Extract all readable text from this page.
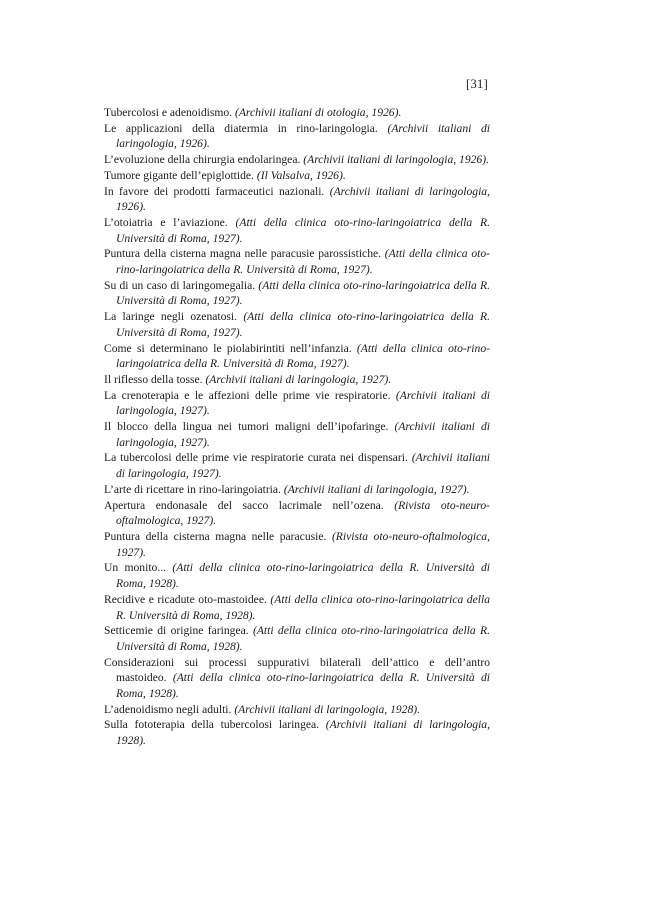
[31]
Tubercolosi e adenoidismo. (Archivii italiani di otologia, 1926).
Le applicazioni della diatermia in rino-laringologia. (Archivii italiani di laringologia, 1926).
L’evoluzione della chirurgia endolaringea. (Archivii italiani di laringologia, 1926).
Tumore gigante dell’epiglottide. (Il Valsalva, 1926).
In favore dei prodotti farmaceutici nazionali. (Archivii italiani di laringologia, 1926).
L’otoiatria e l’aviazione. (Atti della clinica oto-rino-laringoiatrica della R. Università di Roma, 1927).
Puntura della cisterna magna nelle paracusie parossistiche. (Atti della clinica oto-rino-laringoiatrica della R. Università di Roma, 1927).
Su di un caso di laringomegalia. (Atti della clinica oto-rino-laringoiatrica della R. Università di Roma, 1927).
La laringe negli ozenatosi. (Atti della clinica oto-rino-laringoiatrica della R. Università di Roma, 1927).
Come si determinano le piolabirintiti nell’infanzia. (Atti della clinica oto-rino-laringoiatrica della R. Università di Roma, 1927).
Il riflesso della tosse. (Archivii italiani di laringologia, 1927).
La crenoterapia e le affezioni delle prime vie respiratorie. (Archivii italiani di laringologia, 1927).
Il blocco della lingua nei tumori maligni dell’ipofaringe. (Archivii italiani di laringologia, 1927).
La tubercolosi delle prime vie respiratorie curata nei dispensari. (Archivii italiani di laringologia, 1927).
L’arte di ricettare in rino-laringoiatria. (Archivii italiani di laringologia, 1927).
Apertura endonasale del sacco lacrimale nell’ozena. (Rivista oto-neuro-oftalmologica, 1927).
Puntura della cisterna magna nelle paracusie. (Rivista oto-neuro-oftalmologica, 1927).
Un monito... (Atti della clinica oto-rino-laringoiatrica della R. Università di Roma, 1928).
Recidive e ricadute oto-mastoidee. (Atti della clinica oto-rino-laringoiatrica della R. Università di Roma, 1928).
Setticemie di origine faringea. (Atti della clinica oto-rino-laringoiatrica della R. Università di Roma, 1928).
Considerazioni sui processi suppurativi bilaterali dell’attico e dell’antro mastoideo. (Atti della clinica oto-rino-laringoiatrica della R. Università di Roma, 1928).
L’adenoidismo negli adulti. (Archivii italiani di laringologia, 1928).
Sulla fototerapia della tubercolosi laringea. (Archivii italiani di laringologia, 1928).
